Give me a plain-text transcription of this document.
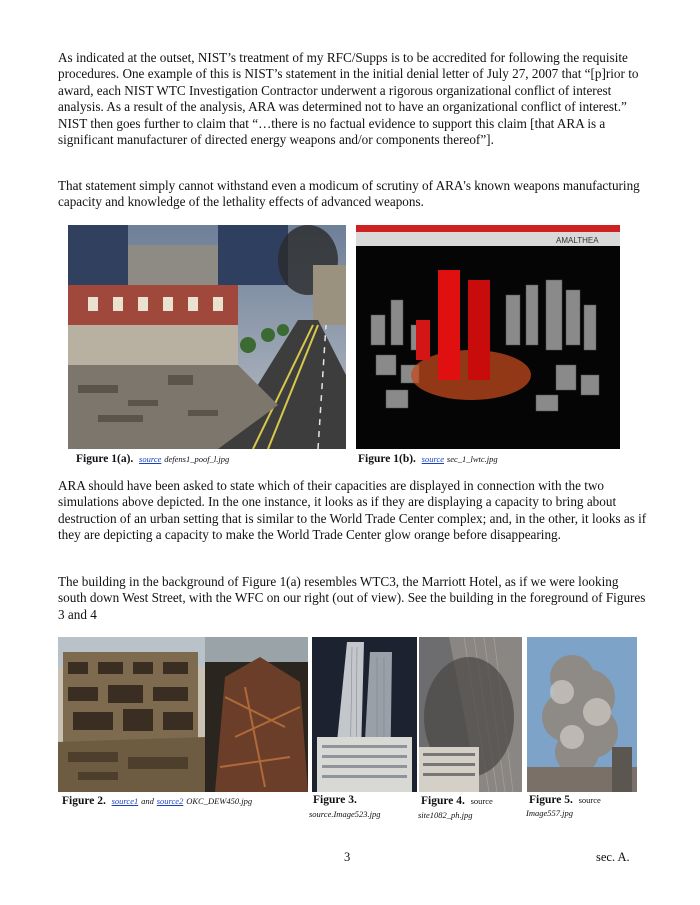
As indicated at the outset, NIST’s treatment of my RFC/Supps is to be accredited for following the requisite procedures. One example of this is NIST’s statement in the initial denial letter of July 27, 2007 that “[p]rior to award, each NIST WTC Investigation Contractor underwent a rigorous organizational conflict of interest analysis. As a result of the analysis, ARA was determined not to have an organizational conflict of interest.” NIST then goes further to claim that “…there is no factual evidence to support this claim [that ARA is a significant manufacturer of directed energy weapons and/or components thereof”].

That statement simply cannot withstand even a modicum of scrutiny of ARA's known weapons manufacturing capacity and knowledge of the lethality effects of advanced weapons.

AMALTHEA
Figure 1(a). source defens1_poof_l.jpg	Figure 1(b). source sec_1_lwtc.jpg

ARA should have been asked to state which of their capacities are displayed in connection with the two simulations above depicted. In the one instance, it looks as if they are displaying a capacity to bring about destruction of an urban setting that is similar to the World Trade Center complex; and, in the other, it looks as if they are depicting a capacity to make the World Trade Center glow orange before disappearing.

The building in the background of Figure 1(a) resembles WTC3, the Marriott Hotel, as if we were looking south down West Street, with the WFC on our right (out of view). See the building in the foreground of Figures 3 and 4

Figure 2. source1 and source2 OKC_DEW450.jpg	Figure 3.
source.Image523.jpg
Figure 4. source
site1082_ph.jpg
Figure 5. source
Image557.jpg
3	sec. A.
